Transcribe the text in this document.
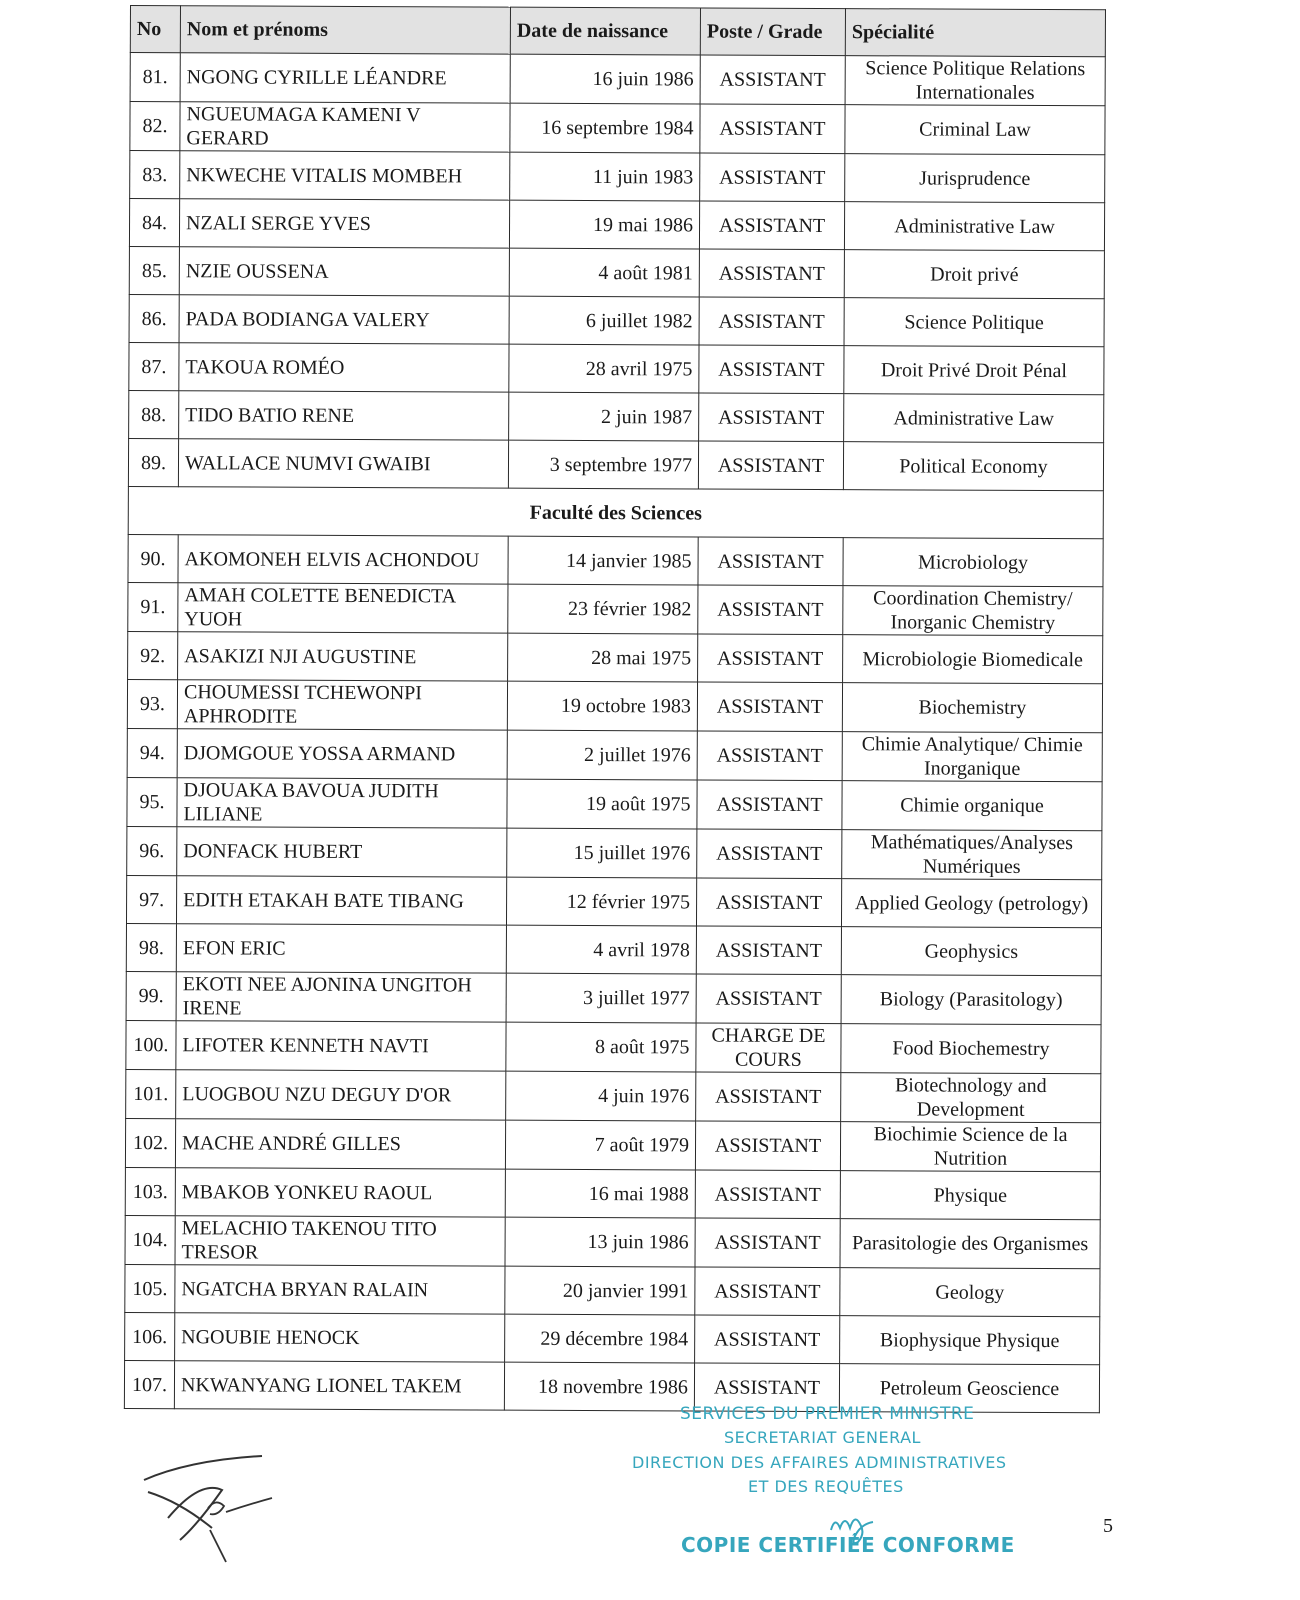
No	Nom et prénoms	Date de naissance	Poste / Grade	Spécialité
81.	NGONG CYRILLE LÉANDRE	16 juin 1986	ASSISTANT	Science Politique Relations Internationales
82.	NGUEUMAGA KAMENI V GERARD	16 septembre 1984	ASSISTANT	Criminal Law
83.	NKWECHE VITALIS MOMBEH	11 juin 1983	ASSISTANT	Jurisprudence
84.	NZALI SERGE YVES	19 mai 1986	ASSISTANT	Administrative Law
85.	NZIE OUSSENA	4 août 1981	ASSISTANT	Droit privé
86.	PADA BODIANGA VALERY	6 juillet 1982	ASSISTANT	Science Politique
87.	TAKOUA ROMÉO	28 avril 1975	ASSISTANT	Droit Privé Droit Pénal
88.	TIDO BATIO RENE	2 juin 1987	ASSISTANT	Administrative Law
89.	WALLACE NUMVI GWAIBI	3 septembre 1977	ASSISTANT	Political Economy
Faculté des Sciences				
90.	AKOMONEH ELVIS ACHONDOU	14 janvier 1985	ASSISTANT	Microbiology
91.	AMAH COLETTE BENEDICTA YUOH	23 février 1982	ASSISTANT	Coordination Chemistry/ Inorganic Chemistry
92.	ASAKIZI NJI AUGUSTINE	28 mai 1975	ASSISTANT	Microbiologie Biomedicale
93.	CHOUMESSI TCHEWONPI APHRODITE	19 octobre 1983	ASSISTANT	Biochemistry
94.	DJOMGOUE YOSSA ARMAND	2 juillet 1976	ASSISTANT	Chimie Analytique/ Chimie Inorganique
95.	DJOUAKA BAVOUA JUDITH LILIANE	19 août 1975	ASSISTANT	Chimie organique
96.	DONFACK HUBERT	15 juillet 1976	ASSISTANT	Mathématiques/Analyses Numériques
97.	EDITH ETAKAH BATE TIBANG	12 février 1975	ASSISTANT	Applied Geology (petrology)
98.	EFON ERIC	4 avril 1978	ASSISTANT	Geophysics
99.	EKOTI NEE AJONINA UNGITOH IRENE	3 juillet 1977	ASSISTANT	Biology (Parasitology)
100.	LIFOTER KENNETH NAVTI	8 août 1975	CHARGE DE COURS	Food Biochemestry
101.	LUOGBOU NZU DEGUY D'OR	4 juin 1976	ASSISTANT	Biotechnology and Development
102.	MACHE ANDRÉ GILLES	7 août 1979	ASSISTANT	Biochimie Science de la Nutrition
103.	MBAKOB YONKEU RAOUL	16 mai 1988	ASSISTANT	Physique
104.	MELACHIO TAKENOU TITO TRESOR	13 juin 1986	ASSISTANT	Parasitologie des Organismes
105.	NGATCHA BRYAN RALAIN	20 janvier 1991	ASSISTANT	Geology
106.	NGOUBIE HENOCK	29 décembre 1984	ASSISTANT	Biophysique Physique
107.	NKWANYANG LIONEL TAKEM	18 novembre 1986	ASSISTANT	Petroleum Geoscience
SERVICES DU PREMIER MINISTRE
SECRETARIAT GENERAL
DIRECTION DES AFFAIRES ADMINISTRATIVES
ET DES REQUÊTES
COPIE CERTIFIÉE CONFORME
5
